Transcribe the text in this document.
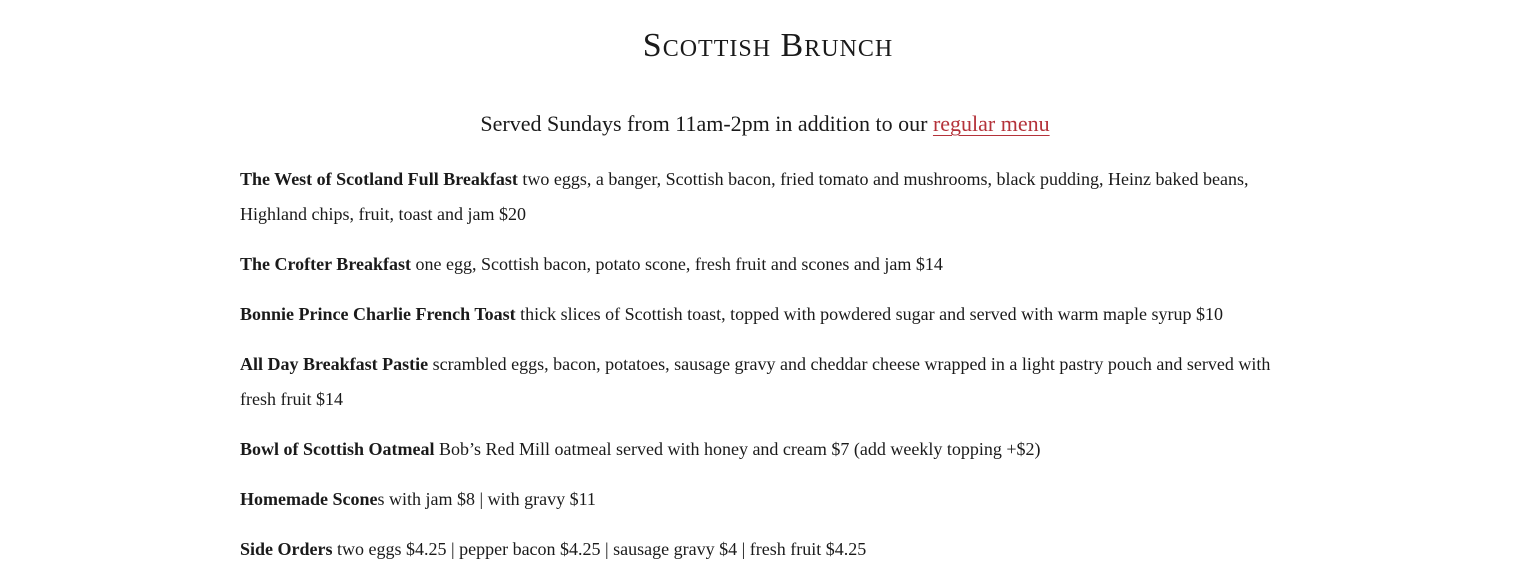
Scottish Brunch
Served Sundays from 11am-2pm in addition to our regular menu

The West of Scotland Full Breakfast two eggs, a banger, Scottish bacon, fried tomato and mushrooms, black pudding, Heinz baked beans, Highland chips, fruit, toast and jam $20

The Crofter Breakfast one egg, Scottish bacon, potato scone, fresh fruit and scones and jam $14

Bonnie Prince Charlie French Toast thick slices of Scottish toast, topped with powdered sugar and served with warm maple syrup $10

All Day Breakfast Pastie scrambled eggs, bacon, potatoes, sausage gravy and cheddar cheese wrapped in a light pastry pouch and served with fresh fruit $14

Bowl of Scottish Oatmeal Bob’s Red Mill oatmeal served with honey and cream $7 (add weekly topping +$2)

Homemade Scones with jam $8 | with gravy $11

Side Orders two eggs $4.25 | pepper bacon $4.25 | sausage gravy $4 | fresh fruit $4.25
